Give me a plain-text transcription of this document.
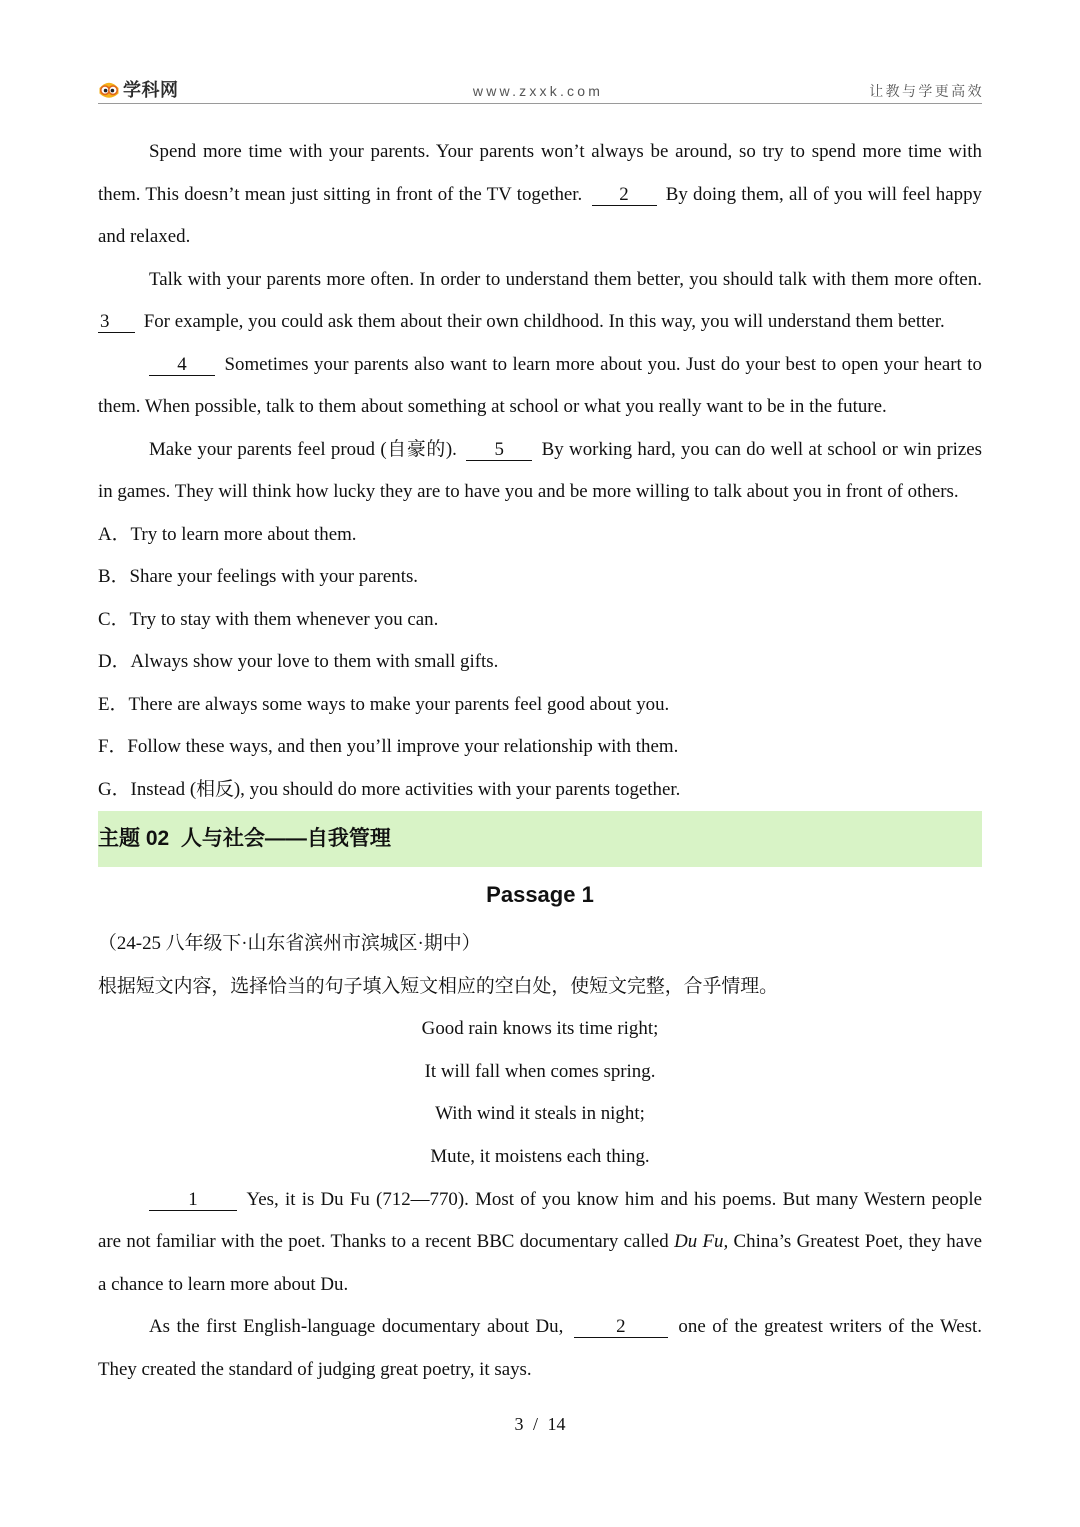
学科网	www.zxxk.com	让教与学更高效

Spend more time with your parents. Your parents won’t always be around, so try to spend more time with them. This doesn’t mean just sitting in front of the TV together. 2 By doing them, all of you will feel happy and relaxed.

Talk with your parents more often. In order to understand them better, you should talk with them more often. 3 For example, you could ask them about their own childhood. In this way, you will understand them better.

4 Sometimes your parents also want to learn more about you. Just do your best to open your heart to them. When possible, talk to them about something at school or what you really want to be in the future.

Make your parents feel proud (自豪的). 5 By working hard, you can do well at school or win prizes in games. They will think how lucky they are to have you and be more willing to talk about you in front of others.

A．Try to learn more about them.
B．Share your feelings with your parents.
C．Try to stay with them whenever you can.
D．Always show your love to them with small gifts.
E．There are always some ways to make your parents feel good about you.
F．Follow these ways, and then you’ll improve your relationship with them.
G．Instead (相反), you should do more activities with your parents together.
主题 02  人与社会——自我管理
Passage 1
（24-25 八年级下·山东省滨州市滨城区·期中）
根据短文内容，选择恰当的句子填入短文相应的空白处，使短文完整，合乎情理。
Good rain knows its time right;
It will fall when comes spring.
With wind it steals in night;
Mute, it moistens each thing.

1	Yes, it is Du Fu (712—770). Most of you know him and his poems. But many Western people are not familiar with the poet. Thanks to a recent BBC documentary called Du Fu, China’s Greatest Poet, they have a chance to learn more about Du.

As the first English-language documentary about Du,	2	one of the greatest writers of the West. They created the standard of judging great poetry, it says.

3 / 14
